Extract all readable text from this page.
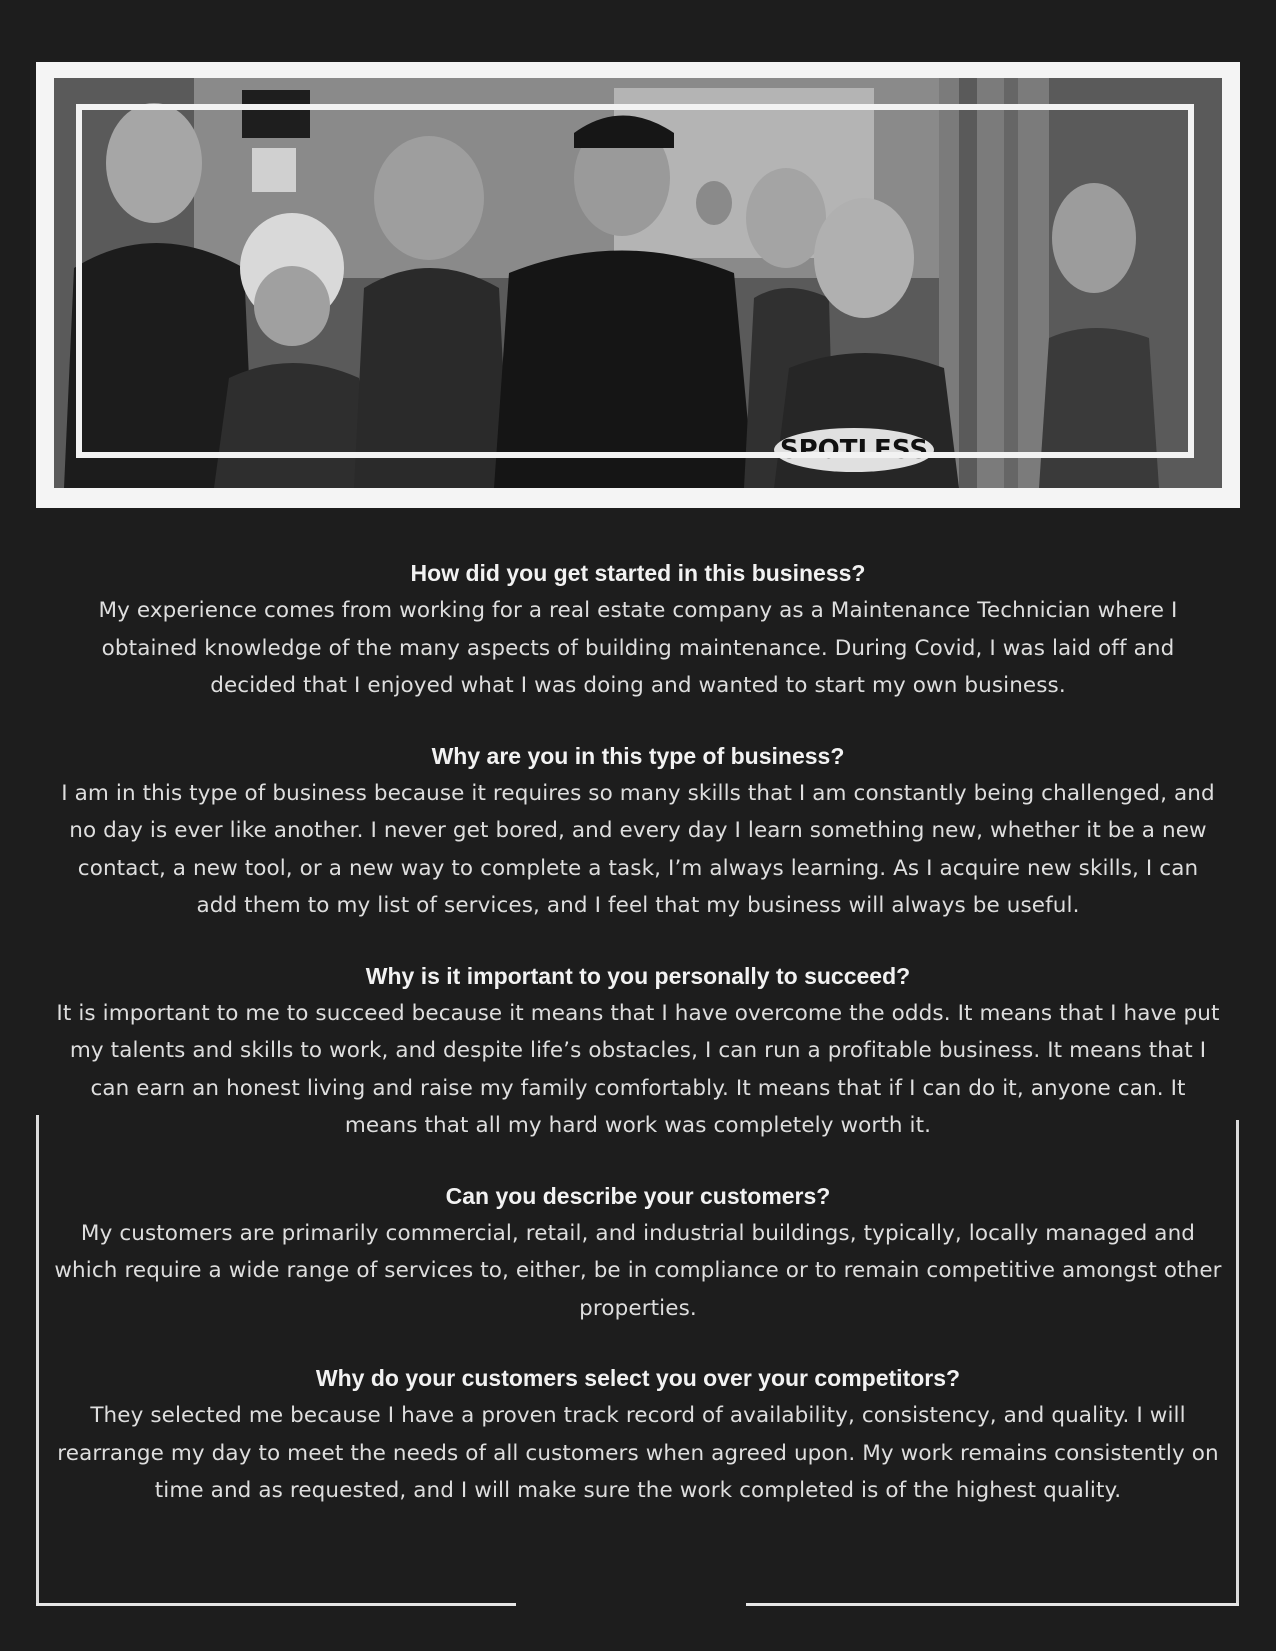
SPOTLESS

How did you get started in this business?

My experience comes from working for a real estate company as a Maintenance Technician where I obtained knowledge of the many aspects of building maintenance. During Covid, I was laid off and decided that I enjoyed what I was doing and wanted to start my own business.

Why are you in this type of business?

I am in this type of business because it requires so many skills that I am constantly being challenged, and no day is ever like another. I never get bored, and every day I learn something new, whether it be a new contact, a new tool, or a new way to complete a task, I’m always learning. As I acquire new skills, I can add them to my list of services, and I feel that my business will always be useful.

Why is it important to you personally to succeed?

It is important to me to succeed because it means that I have overcome the odds. It means that I have put my talents and skills to work, and despite life’s obstacles, I can run a profitable business. It means that I can earn an honest living and raise my family comfortably. It means that if I can do it, anyone can. It means that all my hard work was completely worth it.

Can you describe your customers?

My customers are primarily commercial, retail, and industrial buildings, typically, locally managed and which require a wide range of services to, either, be in compliance or to remain competitive amongst other properties.

Why do your customers select you over your competitors?

They selected me because I have a proven track record of availability, consistency, and quality. I will rearrange my day to meet the needs of all customers when agreed upon. My work remains consistently on time and as requested, and I will make sure the work completed is of the highest quality.
